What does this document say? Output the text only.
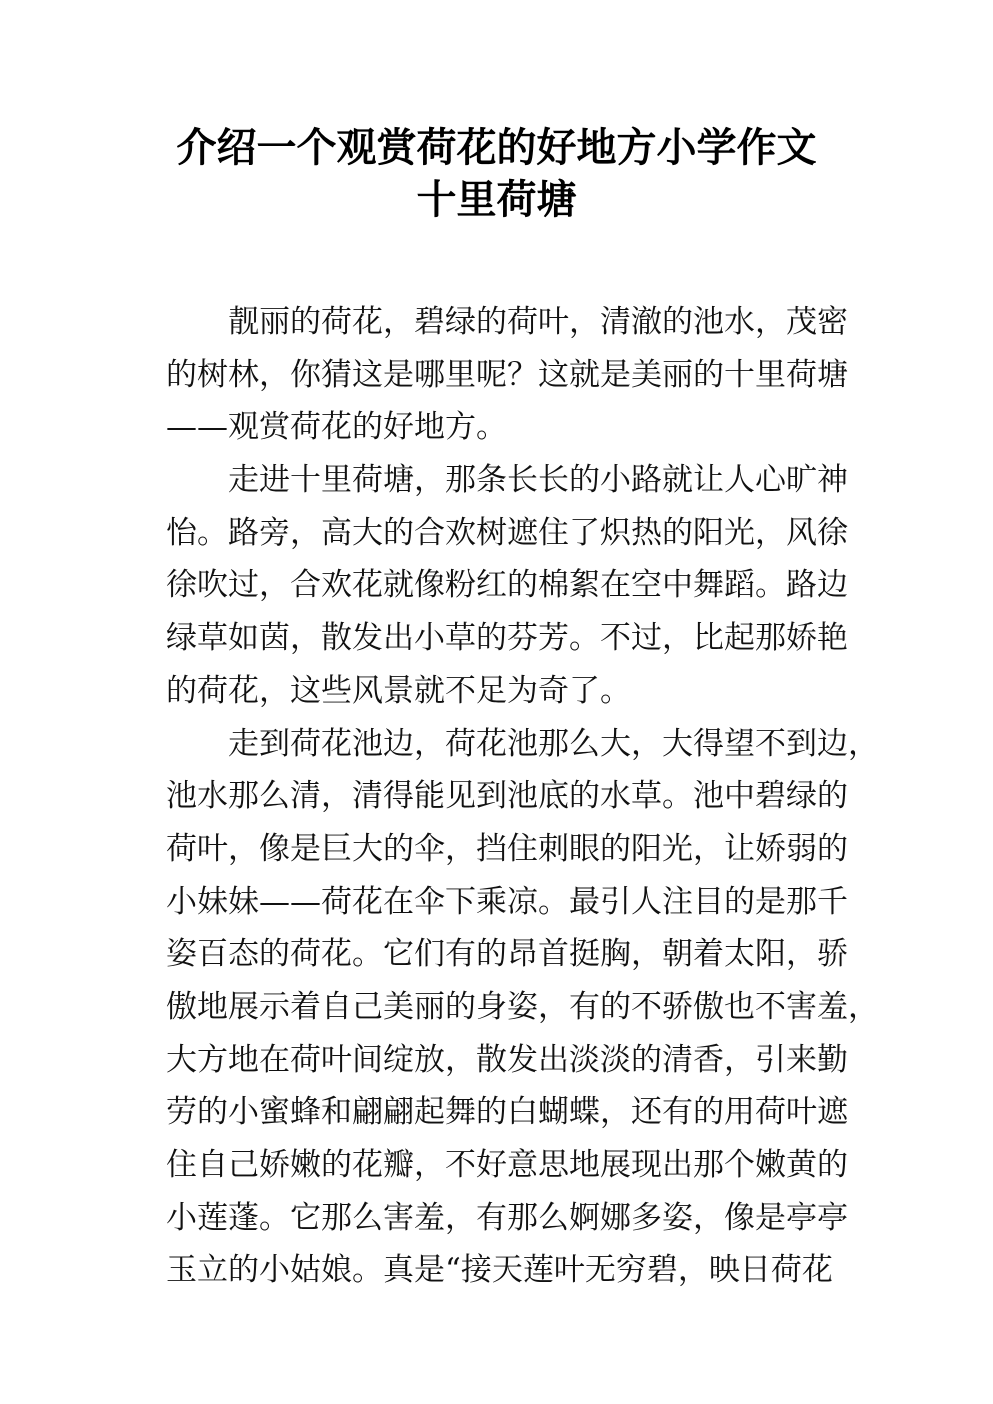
介绍一个观赏荷花的好地方小学作文
十里荷塘
靓丽的荷花，碧绿的荷叶，清澈的池水，茂密
的树林，你猜这是哪里呢？这就是美丽的十里荷塘
——观赏荷花的好地方。
走进十里荷塘，那条长长的小路就让人心旷神
怡。路旁，高大的合欢树遮住了炽热的阳光，风徐
徐吹过，合欢花就像粉红的棉絮在空中舞蹈。路边
绿草如茵，散发出小草的芬芳。不过，比起那娇艳
的荷花，这些风景就不足为奇了。
走到荷花池边，荷花池那么大，大得望不到边，
池水那么清，清得能见到池底的水草。池中碧绿的
荷叶，像是巨大的伞，挡住刺眼的阳光，让娇弱的
小妹妹——荷花在伞下乘凉。最引人注目的是那千
姿百态的荷花。它们有的昂首挺胸，朝着太阳，骄
傲地展示着自己美丽的身姿，有的不骄傲也不害羞，
大方地在荷叶间绽放，散发出淡淡的清香，引来勤
劳的小蜜蜂和翩翩起舞的白蝴蝶，还有的用荷叶遮
住自己娇嫩的花瓣，不好意思地展现出那个嫩黄的
小莲蓬。它那么害羞，有那么婀娜多姿，像是亭亭
玉立的小姑娘。真是“接天莲叶无穷碧，映日荷花
